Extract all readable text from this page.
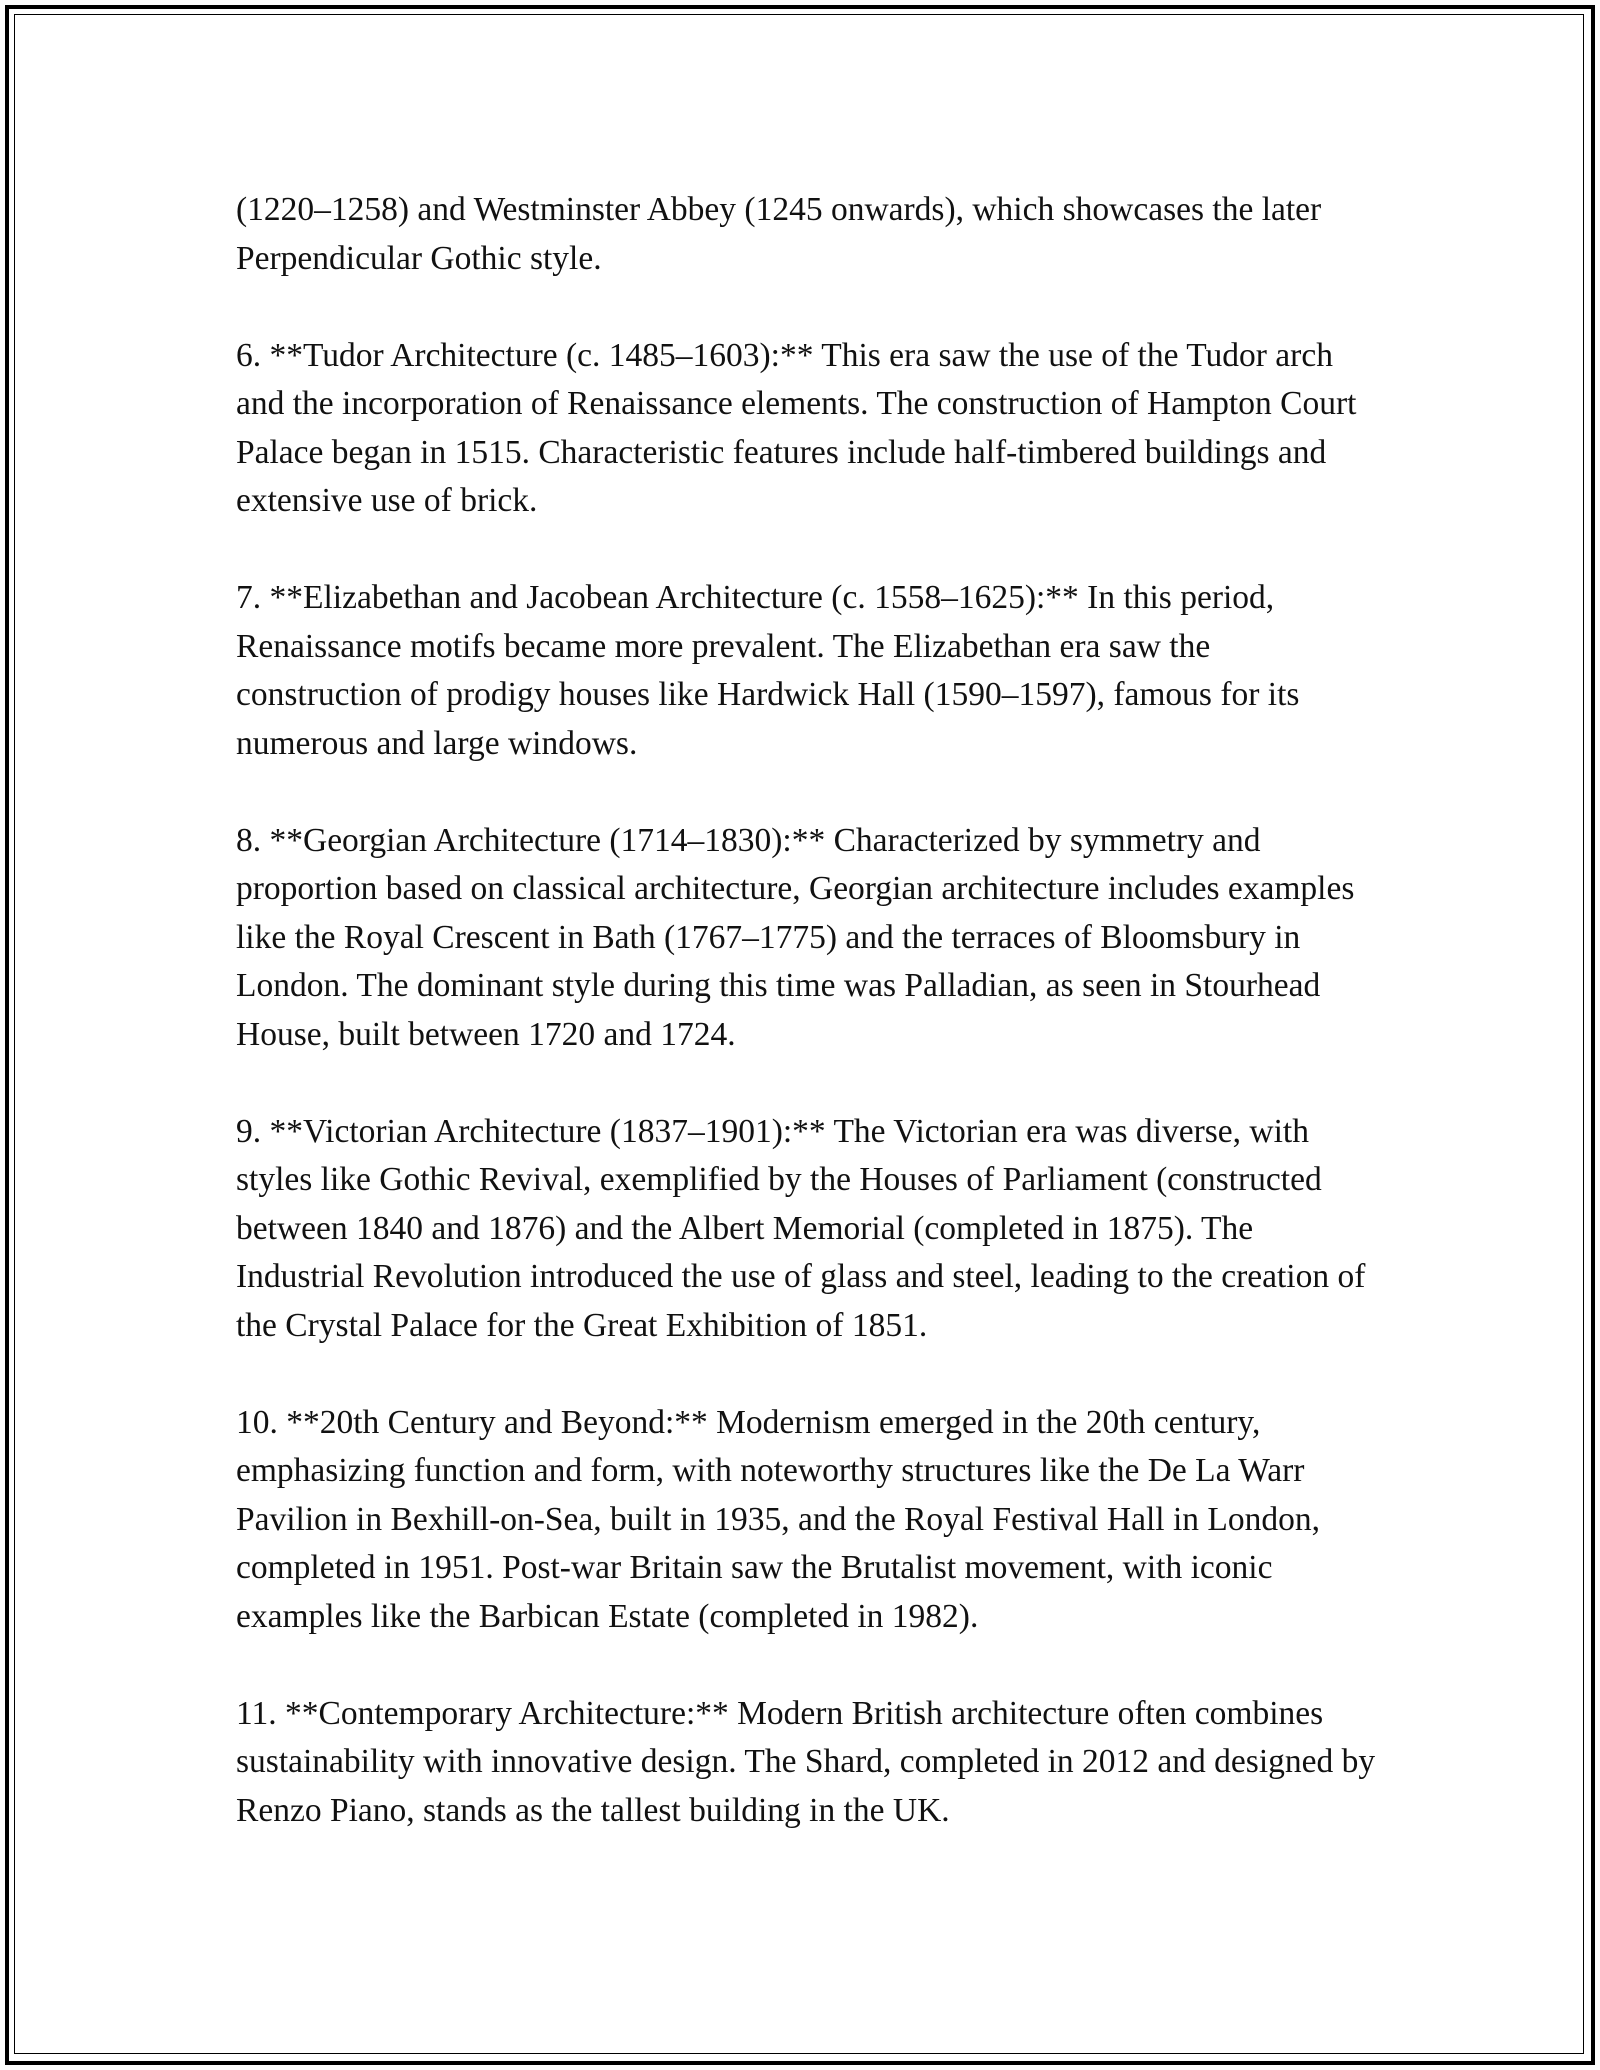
(1220–1258) and Westminster Abbey (1245 onwards), which showcases the later Perpendicular Gothic style.

6. **Tudor Architecture (c. 1485–1603):** This era saw the use of the Tudor arch and the incorporation of Renaissance elements. The construction of Hampton Court Palace began in 1515. Characteristic features include half-timbered buildings and extensive use of brick.

7. **Elizabethan and Jacobean Architecture (c. 1558–1625):** In this period, Renaissance motifs became more prevalent. The Elizabethan era saw the construction of prodigy houses like Hardwick Hall (1590–1597), famous for its numerous and large windows.

8. **Georgian Architecture (1714–1830):** Characterized by symmetry and proportion based on classical architecture, Georgian architecture includes examples like the Royal Crescent in Bath (1767–1775) and the terraces of Bloomsbury in London. The dominant style during this time was Palladian, as seen in Stourhead House, built between 1720 and 1724.

9. **Victorian Architecture (1837–1901):** The Victorian era was diverse, with styles like Gothic Revival, exemplified by the Houses of Parliament (constructed between 1840 and 1876) and the Albert Memorial (completed in 1875). The Industrial Revolution introduced the use of glass and steel, leading to the creation of the Crystal Palace for the Great Exhibition of 1851.

10. **20th Century and Beyond:** Modernism emerged in the 20th century, emphasizing function and form, with noteworthy structures like the De La Warr Pavilion in Bexhill-on-Sea, built in 1935, and the Royal Festival Hall in London, completed in 1951. Post-war Britain saw the Brutalist movement, with iconic examples like the Barbican Estate (completed in 1982).

11. **Contemporary Architecture:** Modern British architecture often combines sustainability with innovative design. The Shard, completed in 2012 and designed by Renzo Piano, stands as the tallest building in the UK.
